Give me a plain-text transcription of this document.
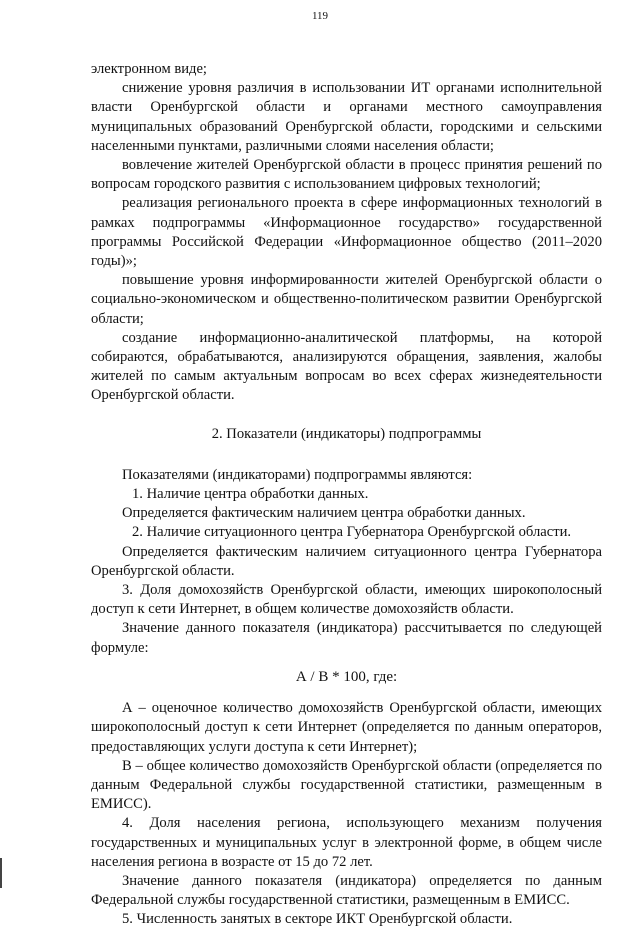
119

электронном виде;

снижение уровня различия в использовании ИТ органами исполнительной власти Оренбургской области и органами местного самоуправления муниципальных образований Оренбургской области, городскими и сельскими населенными пунктами, различными слоями населения области;

вовлечение жителей Оренбургской области в процесс принятия решений по вопросам городского развития с использованием цифровых технологий;

реализация регионального проекта в сфере информационных технологий в рамках подпрограммы «Информационное государство» государственной программы Российской Федерации «Информационное общество (2011–2020 годы)»;

повышение уровня информированности жителей Оренбургской области о социально-экономическом и общественно-политическом развитии Оренбургской области;

создание информационно-аналитической платформы, на которой собираются, обрабатываются, анализируются обращения, заявления, жалобы жителей по самым актуальным вопросам во всех сферах жизнедеятельности Оренбургской области.

2. Показатели (индикаторы) подпрограммы

Показателями (индикаторами) подпрограммы являются:

1. Наличие центра обработки данных.

Определяется фактическим наличием центра обработки данных.

2. Наличие ситуационного центра Губернатора Оренбургской области.

Определяется фактическим наличием ситуационного центра Губернатора Оренбургской области.

3. Доля домохозяйств Оренбургской области, имеющих широкополосный доступ к сети Интернет, в общем количестве домохозяйств области.

Значение данного показателя (индикатора) рассчитывается по следующей формуле:

А / В * 100, где:

А – оценочное количество домохозяйств Оренбургской области, имеющих широкополосный доступ к сети Интернет (определяется по данным операторов, предоставляющих услуги доступа к сети Интернет);

В – общее количество домохозяйств Оренбургской области (определяется по данным Федеральной службы государственной статистики, размещенным в ЕМИСС).

4. Доля населения региона, использующего механизм получения государственных и муниципальных услуг в электронной форме, в общем числе населения региона в возрасте от 15 до 72 лет.

Значение данного показателя (индикатора) определяется по данным Федеральной службы государственной статистики, размещенным в ЕМИСС.

5. Численность занятых в секторе ИКТ Оренбургской области.
